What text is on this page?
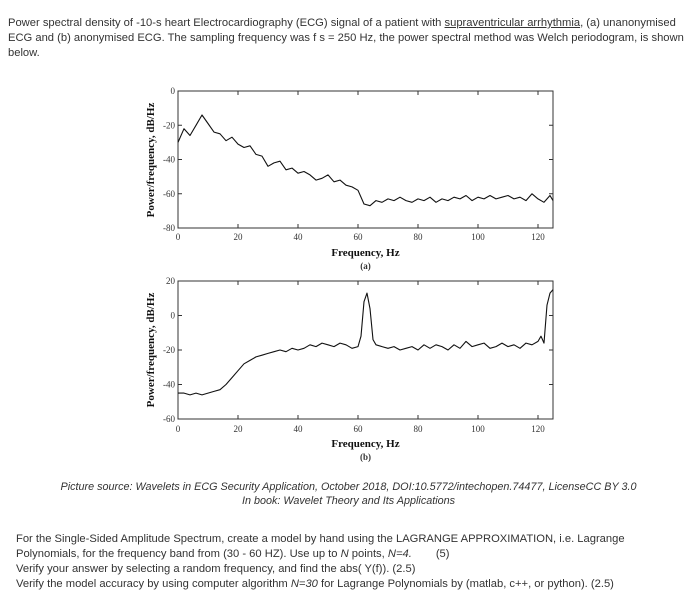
Power spectral density of -10-s heart Electrocardiography (ECG) signal of a patient with supraventricular arrhythmia, (a) unanonymised ECG and (b) anonymised ECG. The sampling frequency was f s = 250 Hz, the power spectral method was Welch periodogram, is shown below.

0	20	40	60	80	100	120
0
-20
-40
-60
-80
Frequency, Hz
(a)
Power/frequency, dB/Hz
0	20	40	60	80	100	120
20
0
-20
-40
-60
Frequency, Hz
(b)
Power/frequency, dB/Hz
Picture source: Wavelets in ECG Security Application, October 2018, DOI:10.5772/intechopen.74477, LicenseCC BY 3.0
In book: Wavelet Theory and Its Applications
For the Single-Sided Amplitude Spectrum, create a model by hand using the LAGRANGE APPROXIMATION, i.e. Lagrange
Polynomials, for the frequency band from (30 - 60 HZ). Use up to N points, N=4. (5)
Verify your answer by selecting a random frequency, and find the abs( Y(f)). (2.5)
Verify the model accuracy by using computer algorithm N=30 for Lagrange Polynomials by (matlab, c++, or python). (2.5)
